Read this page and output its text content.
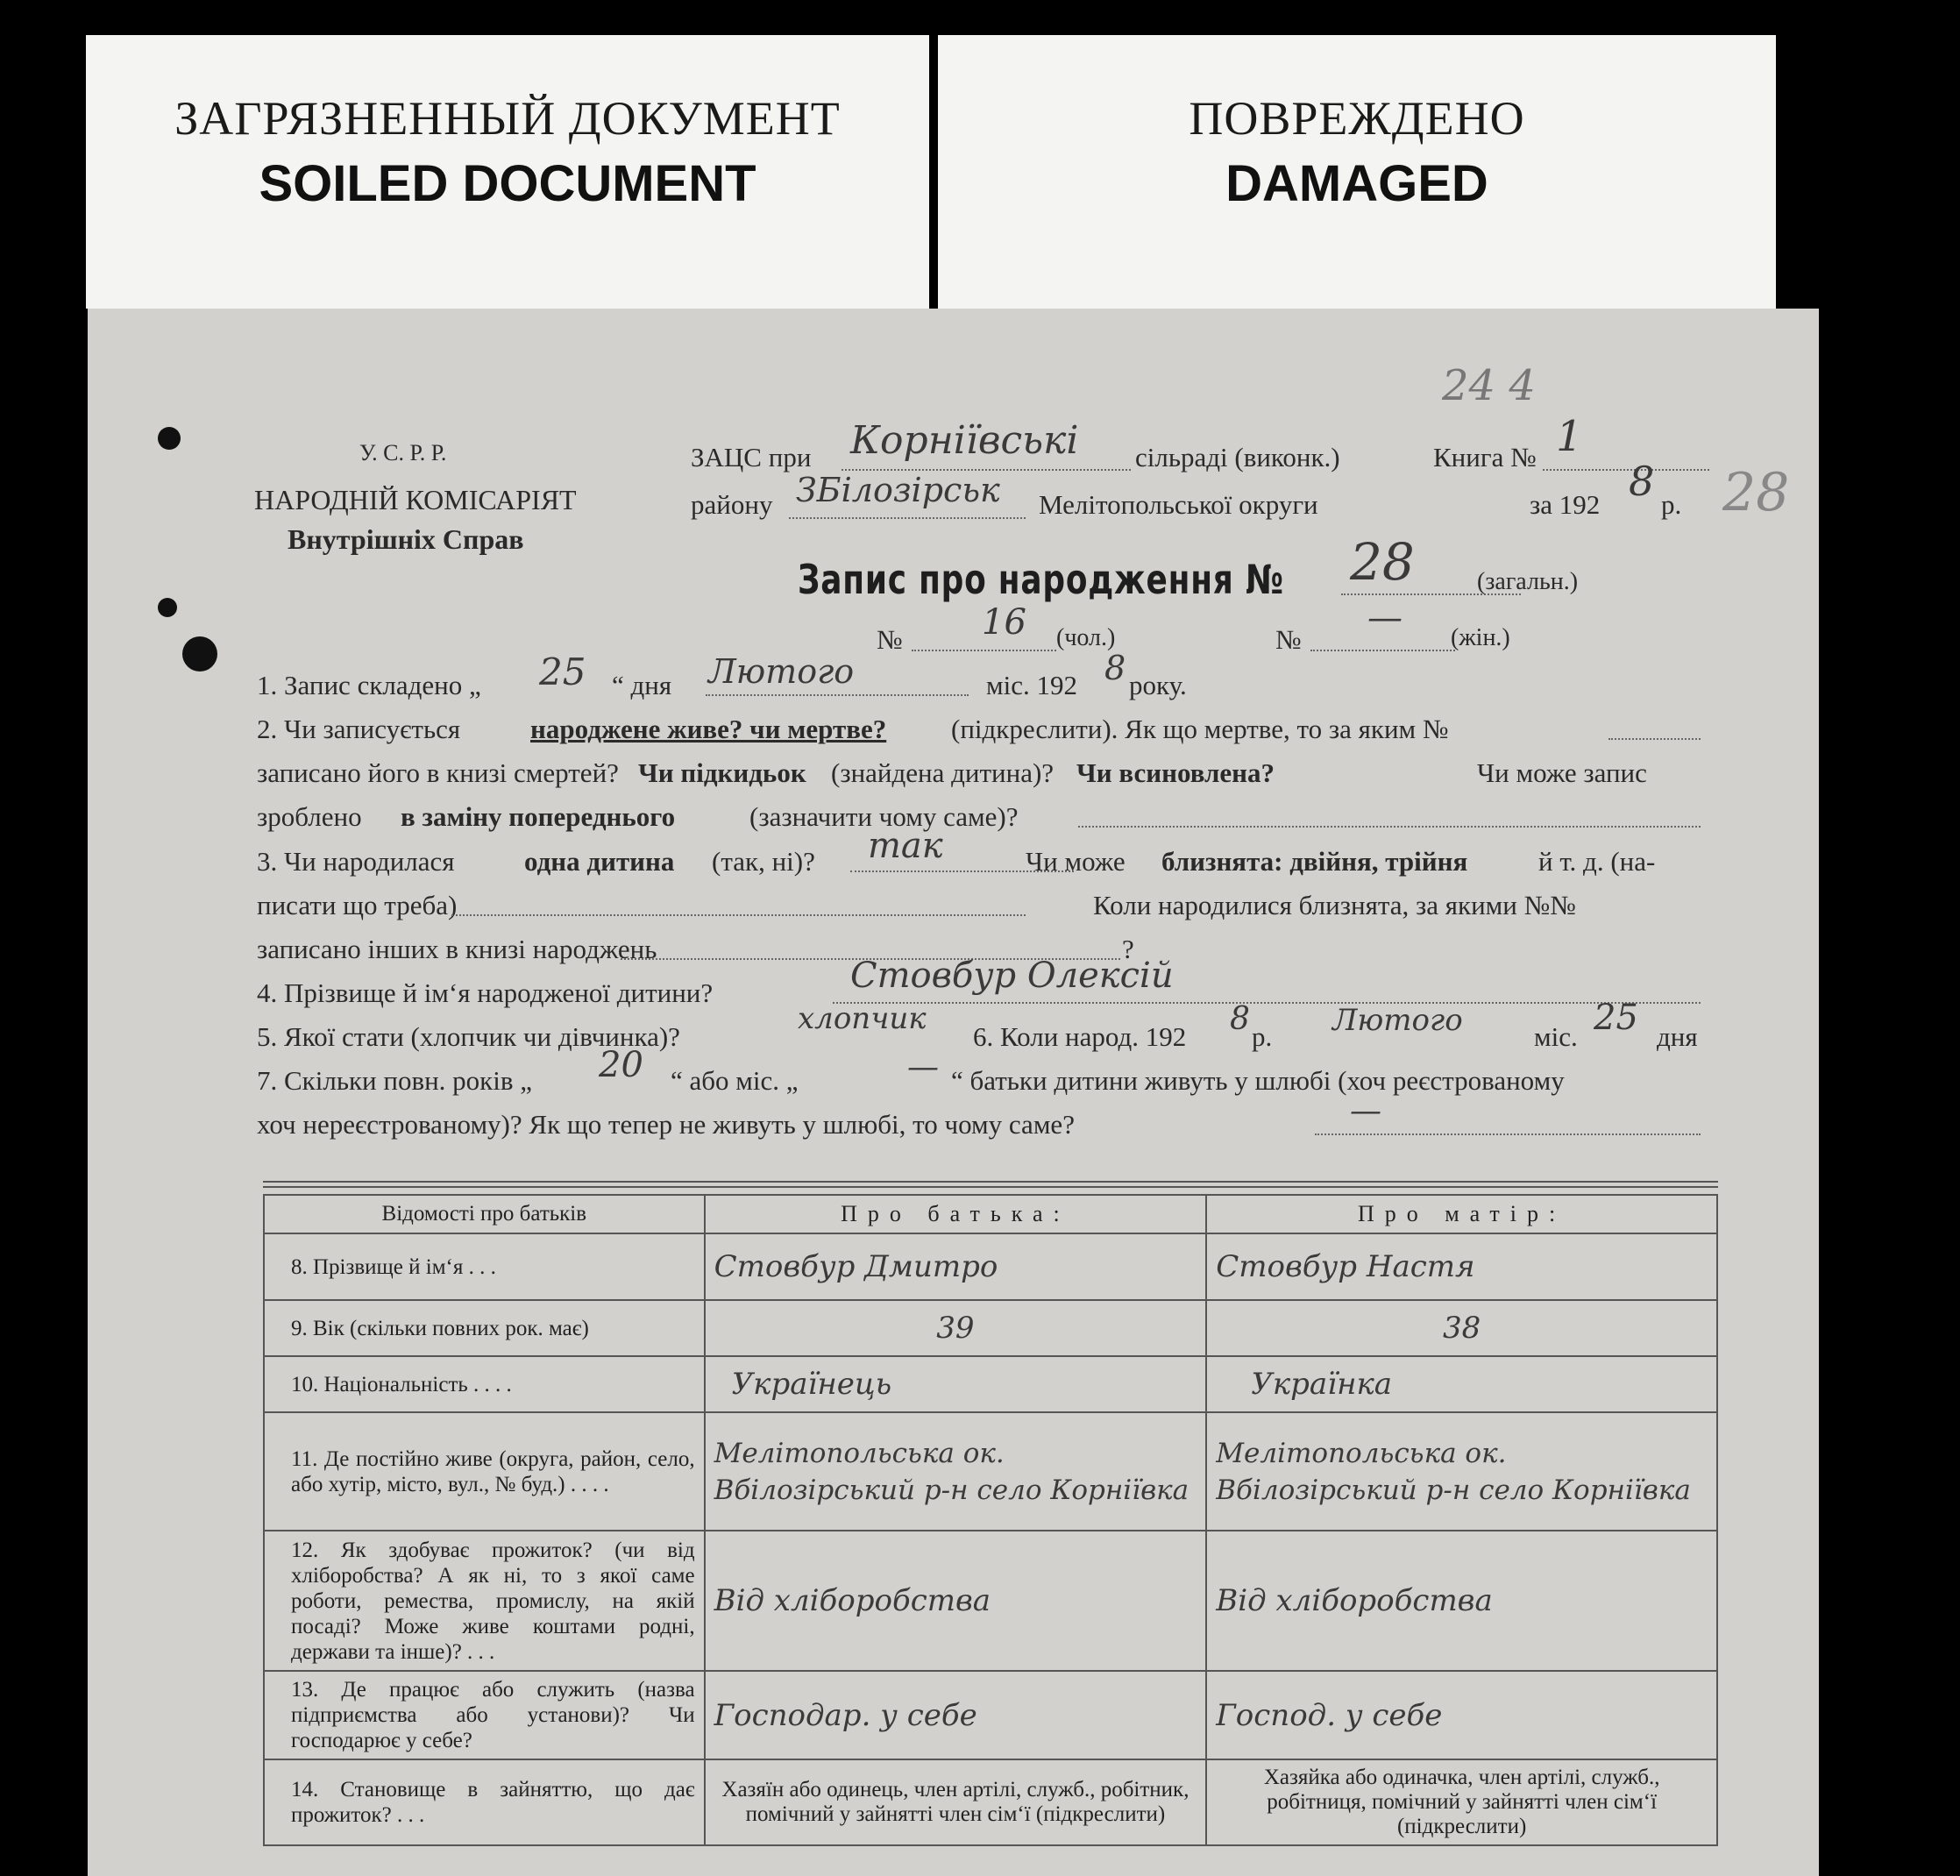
ЗАГРЯЗНЕННЫЙ ДОКУМЕНТ
SOILED DOCUMENT
ПОВРЕЖДЕНО
DAMAGED
24 4
28
У. С. Р. Р.
НАРОДНІЙ КОМІСАРІЯТ
Внутрішніх Справ
ЗАЦС при Корніївські сільраді (виконк.)	Книга № 1
району ЗБілозірськ Мелітопольської округи	за 192 8 р.
Запис про народження № 28	(загальн.)
№ 16 (чол.)	№
— (жін.)
1. Запис складено „ 25 “ дня Лютого	міс. 192 8 року.
2. Чи записується	народжене живе? чи мертве? (підкреслити). Як що мертве, то за яким №
записано його в книзі смертей? Чи підкидьок (знайдена дитина)? Чи всиновлена?	Чи може запис
зроблено в заміну попереднього	(зазначити чому саме)?
3. Чи народилася	одна дитина (так, ні)? так	Чи може близнята: двійня, трійня	й т. д. (на-
писати що треба)	Коли народилися близнята, за якими №№
записано інших в книзі народжень	?
4. Прізвище й ім‘я народженої дитини?	Стовбур Олексій
5. Якої стати (хлопчик чи дівчинка)?
хлопчик
6. Коли народ. 192 8 р. Лютого	міс. 25 дня
7. Скільки повн. років „ 20 “ або міс. „	— “ батьки дитини живуть у шлюбі (хоч реєстрованому
хоч нереєстрованому)? Як що тепер не живуть у шлюбі, то чому саме?	—
Відомості про батьків	Про батька:	Про матір:
8. Прізвище й ім‘я . . .	Стовбур Дмитро	Стовбур Настя
9. Вік (скільки повних рок. має)	39	38
10. Національність . . . .	Українець	Українка
11. Де постійно живе (округа, район, село, або хутір, місто, вул., № буд.) . . . .	Мелітопольська ок. Вбілозірський р-н село Корніївка	Мелітопольська ок. Вбілозірський р-н село Корніївка
12. Як здобуває прожиток? (чи від хліборобства? А як ні, то з якої саме роботи, ремества, промислу, на якій посаді? Може живе коштами родні, держави та інше)? . . .	Від хліборобства	Від хліборобства
13. Де працює або служить (назва підприємства або установи)? Чи господарює у себе?	Господар. у себе	Господ. у себе
14. Становище в зайняттю, що дає прожиток? . . .	Хазяїн або одинець, член артілі, служб., робітник, помічний у зайнятті член сім‘ї (підкреслити)	Хазяйка або одиначка, член артілі, служб., робітниця, помічний у зайнятті член сім‘ї (підкреслити)
